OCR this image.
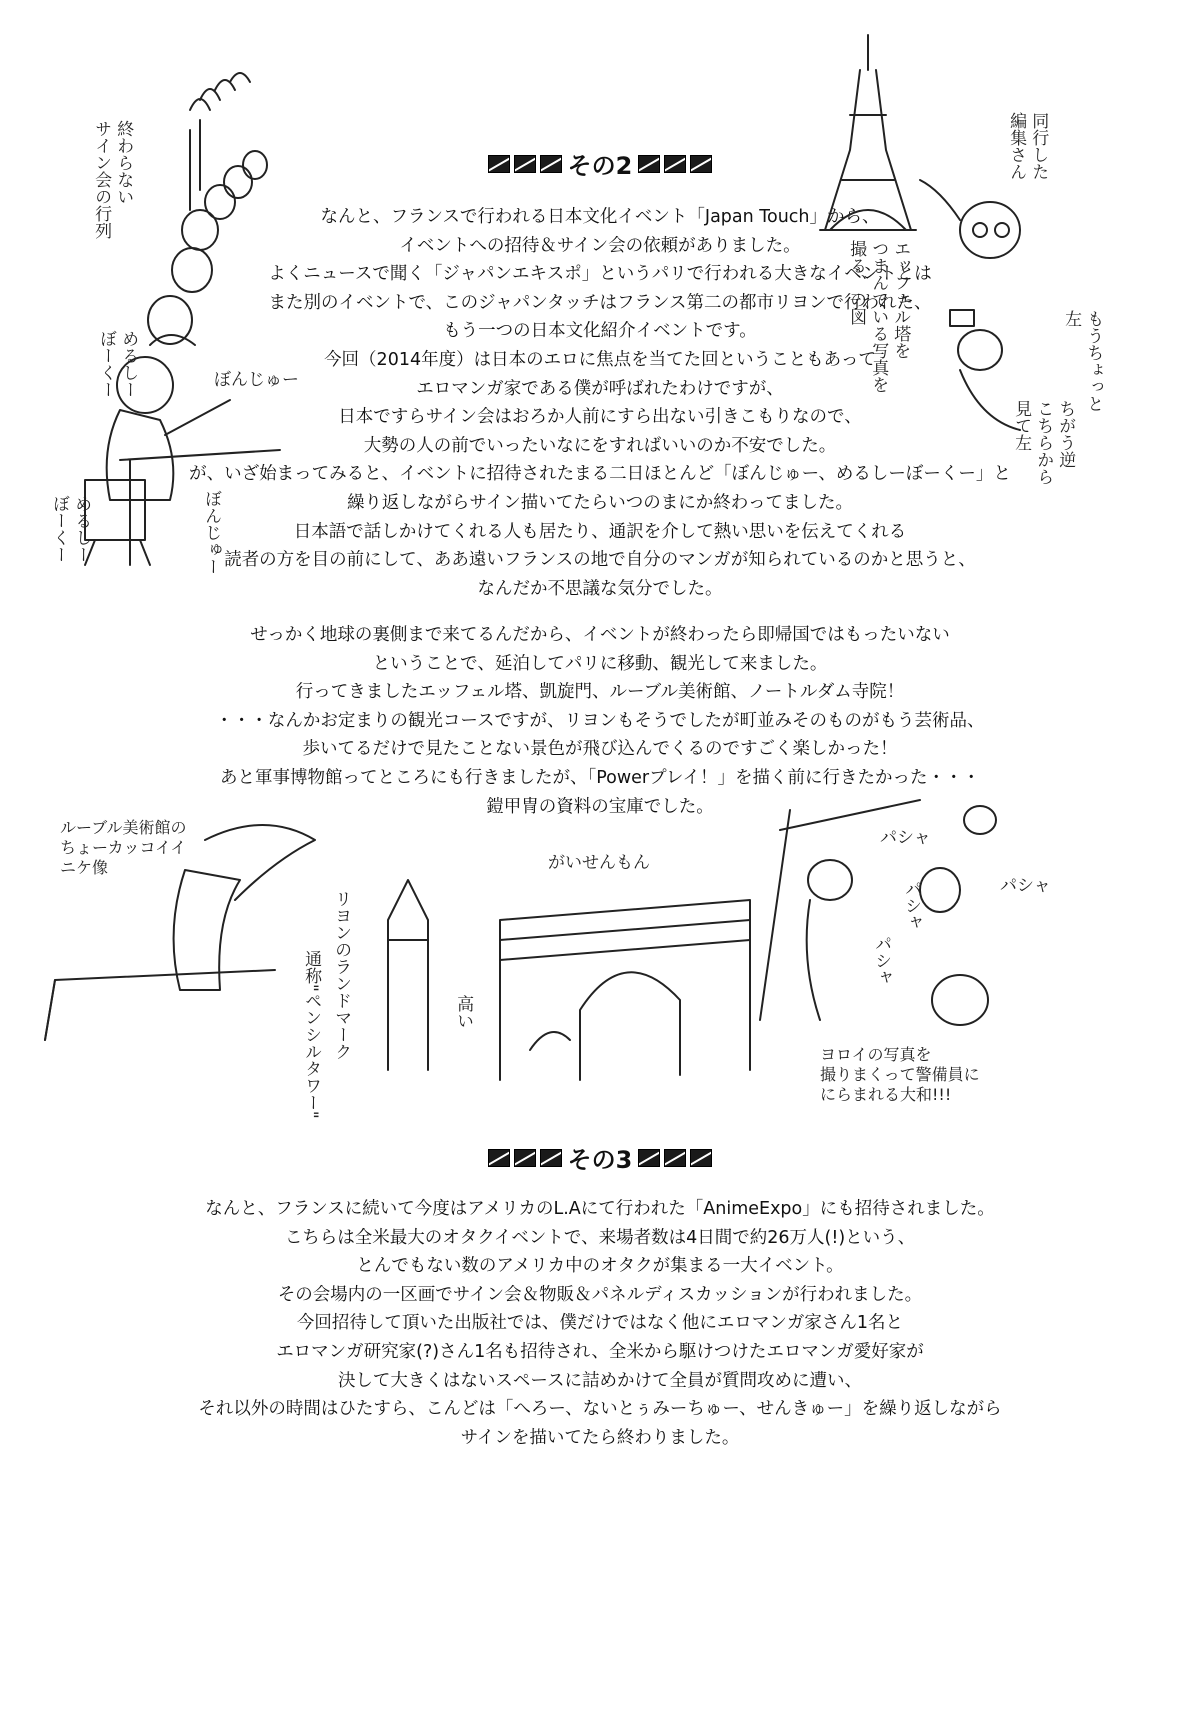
その2
なんと、フランスで行われる日本文化イベント「Japan Touch」から、
イベントへの招待＆サイン会の依頼がありました。
よくニュースで聞く「ジャパンエキスポ」というパリで行われる大きなイベントとは
また別のイベントで、このジャパンタッチはフランス第二の都市リヨンで行われた、
もう一つの日本文化紹介イベントです。
今回（2014年度）は日本のエロに焦点を当てた回ということもあって
エロマンガ家である僕が呼ばれたわけですが、
日本ですらサイン会はおろか人前にすら出ない引きこもりなので、
大勢の人の前でいったいなにをすればいいのか不安でした。
が、いざ始まってみると、イベントに招待されたまる二日ほとんど「ぼんじゅー、めるしーぼーくー」と
繰り返しながらサイン描いてたらいつのまにか終わってました。
日本語で話しかけてくれる人も居たり、通訳を介して熱い思いを伝えてくれる
読者の方を目の前にして、ああ遠いフランスの地で自分のマンガが知られているのかと思うと、
なんだか不思議な気分でした。
せっかく地球の裏側まで来てるんだから、イベントが終わったら即帰国ではもったいない
ということで、延泊してパリに移動、観光して来ました。
行ってきましたエッフェル塔、凱旋門、ルーブル美術館、ノートルダム寺院！
・・・なんかお定まりの観光コースですが、リヨンもそうでしたが町並みそのものがもう芸術品、
歩いてるだけで見たことない景色が飛び込んでくるのですごく楽しかった！
あと軍事博物館ってところにも行きましたが、「Powerプレイ！」を描く前に行きたかった・・・
鎧甲冑の資料の宝庫でした。
その3
なんと、フランスに続いて今度はアメリカのL.Aにて行われた「AnimeExpo」にも招待されました。
こちらは全米最大のオタクイベントで、来場者数は4日間で約26万人(!)という、
とんでもない数のアメリカ中のオタクが集まる一大イベント。
その会場内の一区画でサイン会＆物販＆パネルディスカッションが行われました。
今回招待して頂いた出版社では、僕だけではなく他にエロマンガ家さん1名と
エロマンガ研究家(?)さん1名も招待され、全米から駆けつけたエロマンガ愛好家が
決して大きくはないスペースに詰めかけて全員が質問攻めに遭い、
それ以外の時間はひたすら、こんどは「へろー、ないとぅみーちゅー、せんきゅー」を繰り返しながら
サインを描いてたら終わりました。
終わらない
サイン会の行列
めるしー
ぼーくー	ぼんじゅー
ぼんじゅー
めるしー
ぼーくー
エッフェル塔を
つまんでいる写真を
撮る、の図
同行した
編集さん
もうちょっと
左
ちがう逆
こちらから
見て左
ルーブル美術館の
ちょーカッコイイ
ニケ像
リヨンのランドマーク
通称"ペンシルタワー"	高い
がいせんもん
パシャ
パシャ
パシャ
パシャ
ヨロイの写真を
撮りまくって警備員に
にらまれる大和!!!
